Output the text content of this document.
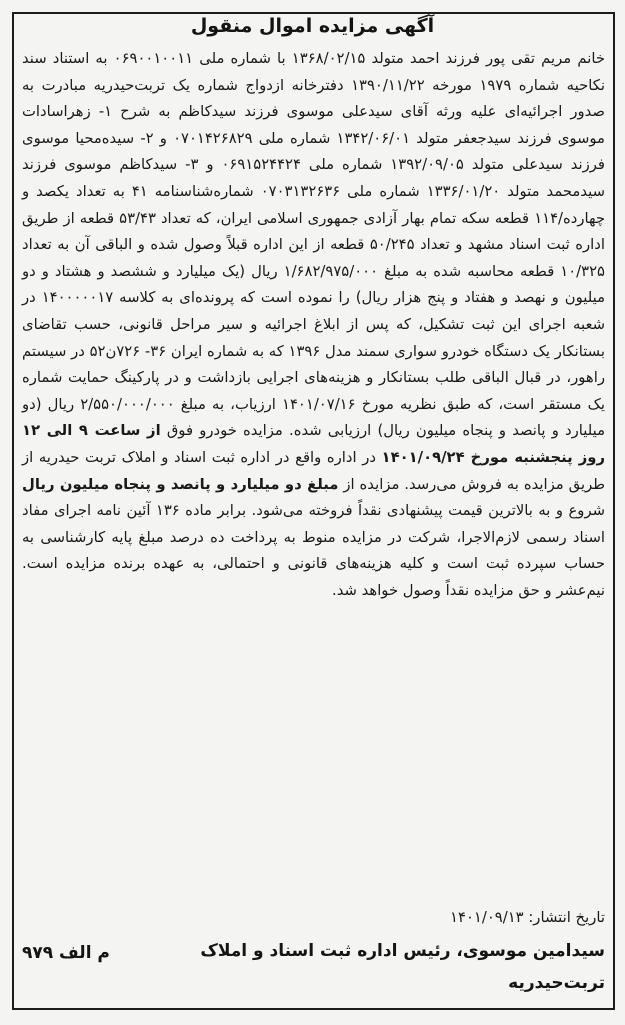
آگهی مزایده اموال منقول

خانم مریم تقی پور فرزند احمد متولد ۱۳۶۸/۰۲/۱۵ با شماره ملی ۰۶۹۰۰۱۰۰۱۱ به استناد سند نکاحیه شماره ۱۹۷۹ مورخه ۱۳۹۰/۱۱/۲۲ دفترخانه ازدواج شماره یک تربت‌حیدریه مبادرت به صدور اجرائیه‌ای علیه ورثه آقای سیدعلی موسوی فرزند سیدکاظم به شرح ۱- زهراسادات موسوی فرزند سیدجعفر متولد ۱۳۴۲/۰۶/۰۱ شماره ملی ۰۷۰۱۴۲۶۸۲۹ و ۲- سیده‌محیا موسوی فرزند سیدعلی متولد ۱۳۹۲/۰۹/۰۵ شماره ملی ۰۶۹۱۵۲۴۴۲۴ و ۳- سیدکاظم موسوی فرزند سیدمحمد متولد ۱۳۳۶/۰۱/۲۰ شماره ملی ۰۷۰۳۱۳۲۶۳۶ شماره‌شناسنامه ۴۱ به تعداد یکصد و چهارده/۱۱۴ قطعه سکه تمام بهار آزادی جمهوری اسلامی ایران، که تعداد ۵۳/۴۳ قطعه از طریق اداره ثبت اسناد مشهد و تعداد ۵۰/۲۴۵ قطعه از این اداره قبلاً وصول شده و الباقی آن به تعداد ۱۰/۳۲۵ قطعه محاسبه شده به مبلغ ۱/۶۸۲/۹۷۵/۰۰۰ ریال (یک میلیارد و ششصد و هشتاد و دو میلیون و نهصد و هفتاد و پنج هزار ریال) را نموده است که پرونده‌ای به کلاسه ۱۴۰۰۰۰۰۱۷ در شعبه اجرای این ثبت تشکیل، که پس از ابلاغ اجرائیه و سیر مراحل قانونی، حسب تقاضای بستانکار یک دستگاه خودرو سواری سمند مدل ۱۳۹۶ که به شماره ایران ۳۶- ۷۲۶ن۵۲ در سیستم راهور، در قبال الباقی طلب بستانکار و هزینه‌های اجرایی بازداشت و در پارکینگ حمایت شماره یک مستقر است، که طبق نظریه مورخ ۱۴۰۱/۰۷/۱۶ ارزیاب، به مبلغ ۲/۵۵۰/۰۰۰/۰۰۰ ریال (دو میلیارد و پانصد و پنجاه میلیون ریال) ارزیابی شده. مزایده خودرو فوق از ساعت ۹ الی ۱۲ روز پنجشنبه مورخ ۱۴۰۱/۰۹/۲۴ در اداره واقع در اداره ثبت اسناد و املاک تربت حیدریه از طریق مزایده به فروش می‌رسد. مزایده از مبلغ دو میلیارد و پانصد و پنجاه میلیون ریال شروع و به بالاترین قیمت پیشنهادی نقداً فروخته می‌شود. برابر ماده ۱۳۶ آئین نامه اجرای مفاد اسناد رسمی لازم‌الاجرا، شرکت در مزایده منوط به پرداخت ده درصد مبلغ پایه کارشناسی به حساب سپرده ثبت است و کلیه هزینه‌های قانونی و احتمالی، به عهده برنده مزایده است. نیم‌عشر و حق مزایده نقداً وصول خواهد شد.

تاریخ انتشار: ۱۴۰۱/۰۹/۱۳
سیدامین موسوی، رئیس اداره ثبت اسناد و املاک
م الف ۹۷۹
تربت‌حیدریه
